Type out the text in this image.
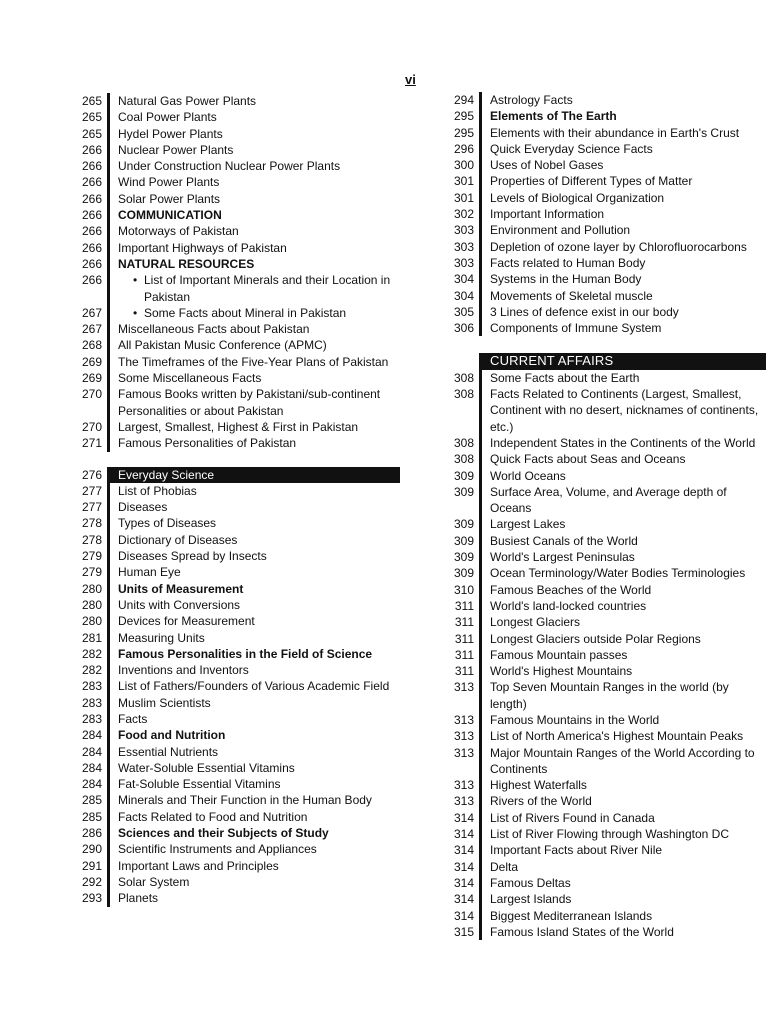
vi
265	Natural Gas Power Plants
265	Coal Power Plants
265	Hydel Power Plants
266	Nuclear Power Plants
266	Under Construction Nuclear Power Plants
266	Wind Power Plants
266	Solar Power Plants
266	COMMUNICATION
266	Motorways of Pakistan
266	Important Highways of Pakistan
266	NATURAL RESOURCES
266	• List of Important Minerals and their Location in Pakistan
267	• Some Facts about Mineral in Pakistan
267	Miscellaneous Facts about Pakistan
268	All Pakistan Music Conference (APMC)
269	The Timeframes of the Five-Year Plans of Pakistan
269	Some Miscellaneous Facts
270	Famous Books written by Pakistani/sub-continent Personalities or about Pakistan
270	Largest, Smallest, Highest & First in Pakistan
271	Famous Personalities of Pakistan
276	Everyday Science
277	List of Phobias
277	Diseases
278	Types of Diseases
278	Dictionary of Diseases
279	Diseases Spread by Insects
279	Human Eye
280	Units of Measurement
280	Units with Conversions
280	Devices for Measurement
281	Measuring Units
282	Famous Personalities in the Field of Science
282	Inventions and Inventors
283	List of Fathers/Founders of Various Academic Field
283	Muslim Scientists
283	Facts
284	Food and Nutrition
284	Essential Nutrients
284	Water-Soluble Essential Vitamins
284	Fat-Soluble Essential Vitamins
285	Minerals and Their Function in the Human Body
285	Facts Related to Food and Nutrition
286	Sciences and their Subjects of Study
290	Scientific Instruments and Appliances
291	Important Laws and Principles
292	Solar System
293	Planets
294	Astrology Facts
295	Elements of The Earth
295	Elements with their abundance in Earth's Crust
296	Quick Everyday Science Facts
300	Uses of Nobel Gases
301	Properties of Different Types of Matter
301	Levels of Biological Organization
302	Important Information
303	Environment and Pollution
303	Depletion of ozone layer by Chlorofluorocarbons
303	Facts related to Human Body
304	Systems in the Human Body
304	Movements of Skeletal muscle
305	3 Lines of defence exist in our body
306	Components of Immune System
CURRENT AFFAIRS
308	Some Facts about the Earth
308	Facts Related to Continents (Largest, Smallest, Continent with no desert, nicknames of continents, etc.)
308	Independent States in the Continents of the World
308	Quick Facts about Seas and Oceans
309	World Oceans
309	Surface Area, Volume, and Average depth of Oceans
309	Largest Lakes
309	Busiest Canals of the World
309	World's Largest Peninsulas
309	Ocean Terminology/Water Bodies Terminologies
310	Famous Beaches of the World
311	World's land-locked countries
311	Longest Glaciers
311	Longest Glaciers outside Polar Regions
311	Famous Mountain passes
311	World's Highest Mountains
313	Top Seven Mountain Ranges in the world (by length)
313	Famous Mountains in the World
313	List of North America's Highest Mountain Peaks
313	Major Mountain Ranges of the World According to Continents
313	Highest Waterfalls
313	Rivers of the World
314	List of Rivers Found in Canada
314	List of River Flowing through Washington DC
314	Important Facts about River Nile
314	Delta
314	Famous Deltas
314	Largest Islands
314	Biggest Mediterranean Islands
315	Famous Island States of the World
